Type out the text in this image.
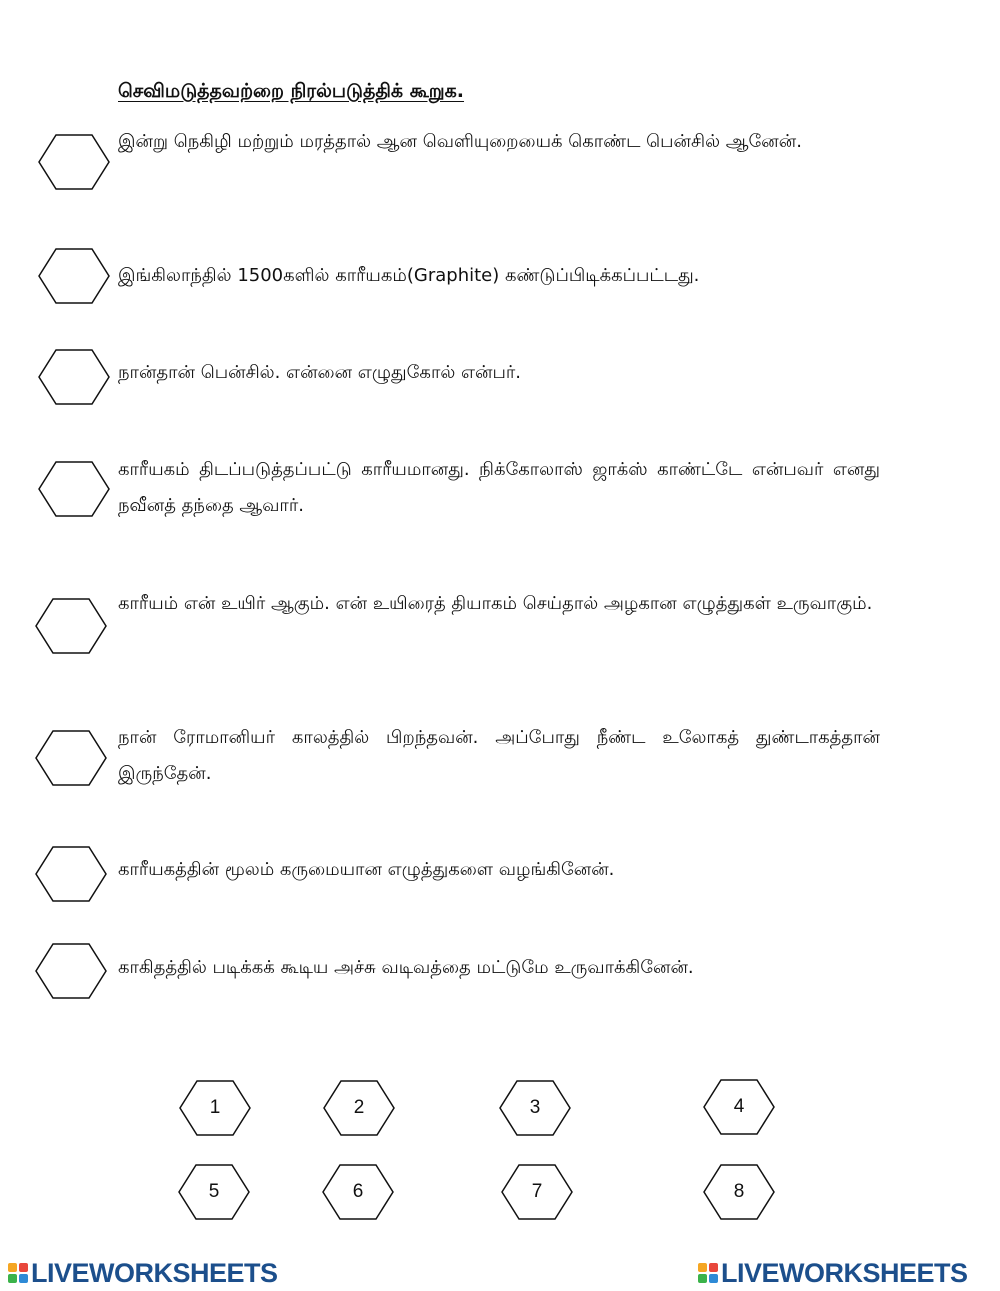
செவிமடுத்தவற்றை நிரல்படுத்திக் கூறுக.
இன்று நெகிழி மற்றும் மரத்தால் ஆன வெளியுறையைக் கொண்ட பென்சில் ஆனேன்.
இங்கிலாந்தில் 1500களில் காரீயகம்(Graphite) கண்டுப்பிடிக்கப்பட்டது.
நான்தான் பென்சில். என்னை எழுதுகோல் என்பர்.
காரீயகம் திடப்படுத்தப்பட்டு காரீயமானது. நிக்கோலாஸ் ஜாக்ஸ் காண்ட்டே என்பவர் எனது நவீனத் தந்தை ஆவார்.
காரீயம் என் உயிர் ஆகும். என் உயிரைத் தியாகம் செய்தால் அழகான எழுத்துகள் உருவாகும்.
நான் ரோமானியர் காலத்தில் பிறந்தவன். அப்போது நீண்ட உலோகத் துண்டாகத்தான் இருந்தேன்.
காரீயகத்தின் மூலம் கருமையான எழுத்துகளை வழங்கினேன்.
காகிதத்தில் படிக்கக் கூடிய அச்சு வடிவத்தை மட்டுமே உருவாக்கினேன்.
1	2	3	4
5	6	7	8
LIVEWORKSHEETS	LIVEWORKSHEETS
